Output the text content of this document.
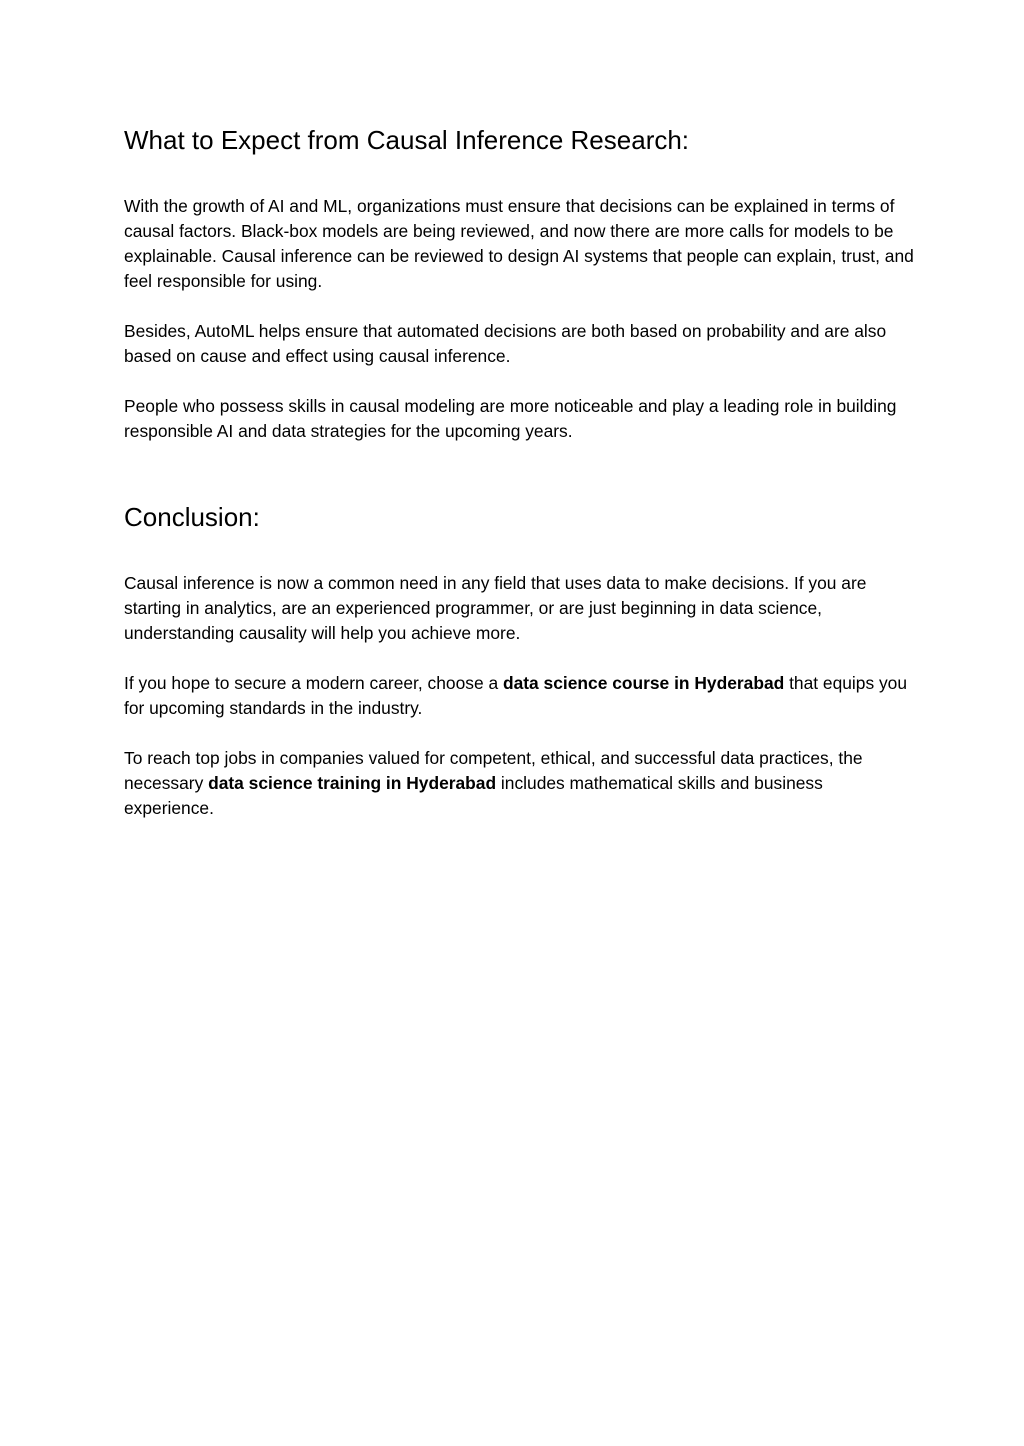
What to Expect from Causal Inference Research:

With the growth of AI and ML, organizations must ensure that decisions can be explained in terms of causal factors. Black-box models are being reviewed, and now there are more calls for models to be explainable. Causal inference can be reviewed to design AI systems that people can explain, trust, and feel responsible for using.

Besides, AutoML helps ensure that automated decisions are both based on probability and are also based on cause and effect using causal inference.

People who possess skills in causal modeling are more noticeable and play a leading role in building responsible AI and data strategies for the upcoming years.

Conclusion:

Causal inference is now a common need in any field that uses data to make decisions. If you are starting in analytics, are an experienced programmer, or are just beginning in data science, understanding causality will help you achieve more.

If you hope to secure a modern career, choose a data science course in Hyderabad that equips you for upcoming standards in the industry.

To reach top jobs in companies valued for competent, ethical, and successful data practices, the necessary data science training in Hyderabad includes mathematical skills and business experience.
